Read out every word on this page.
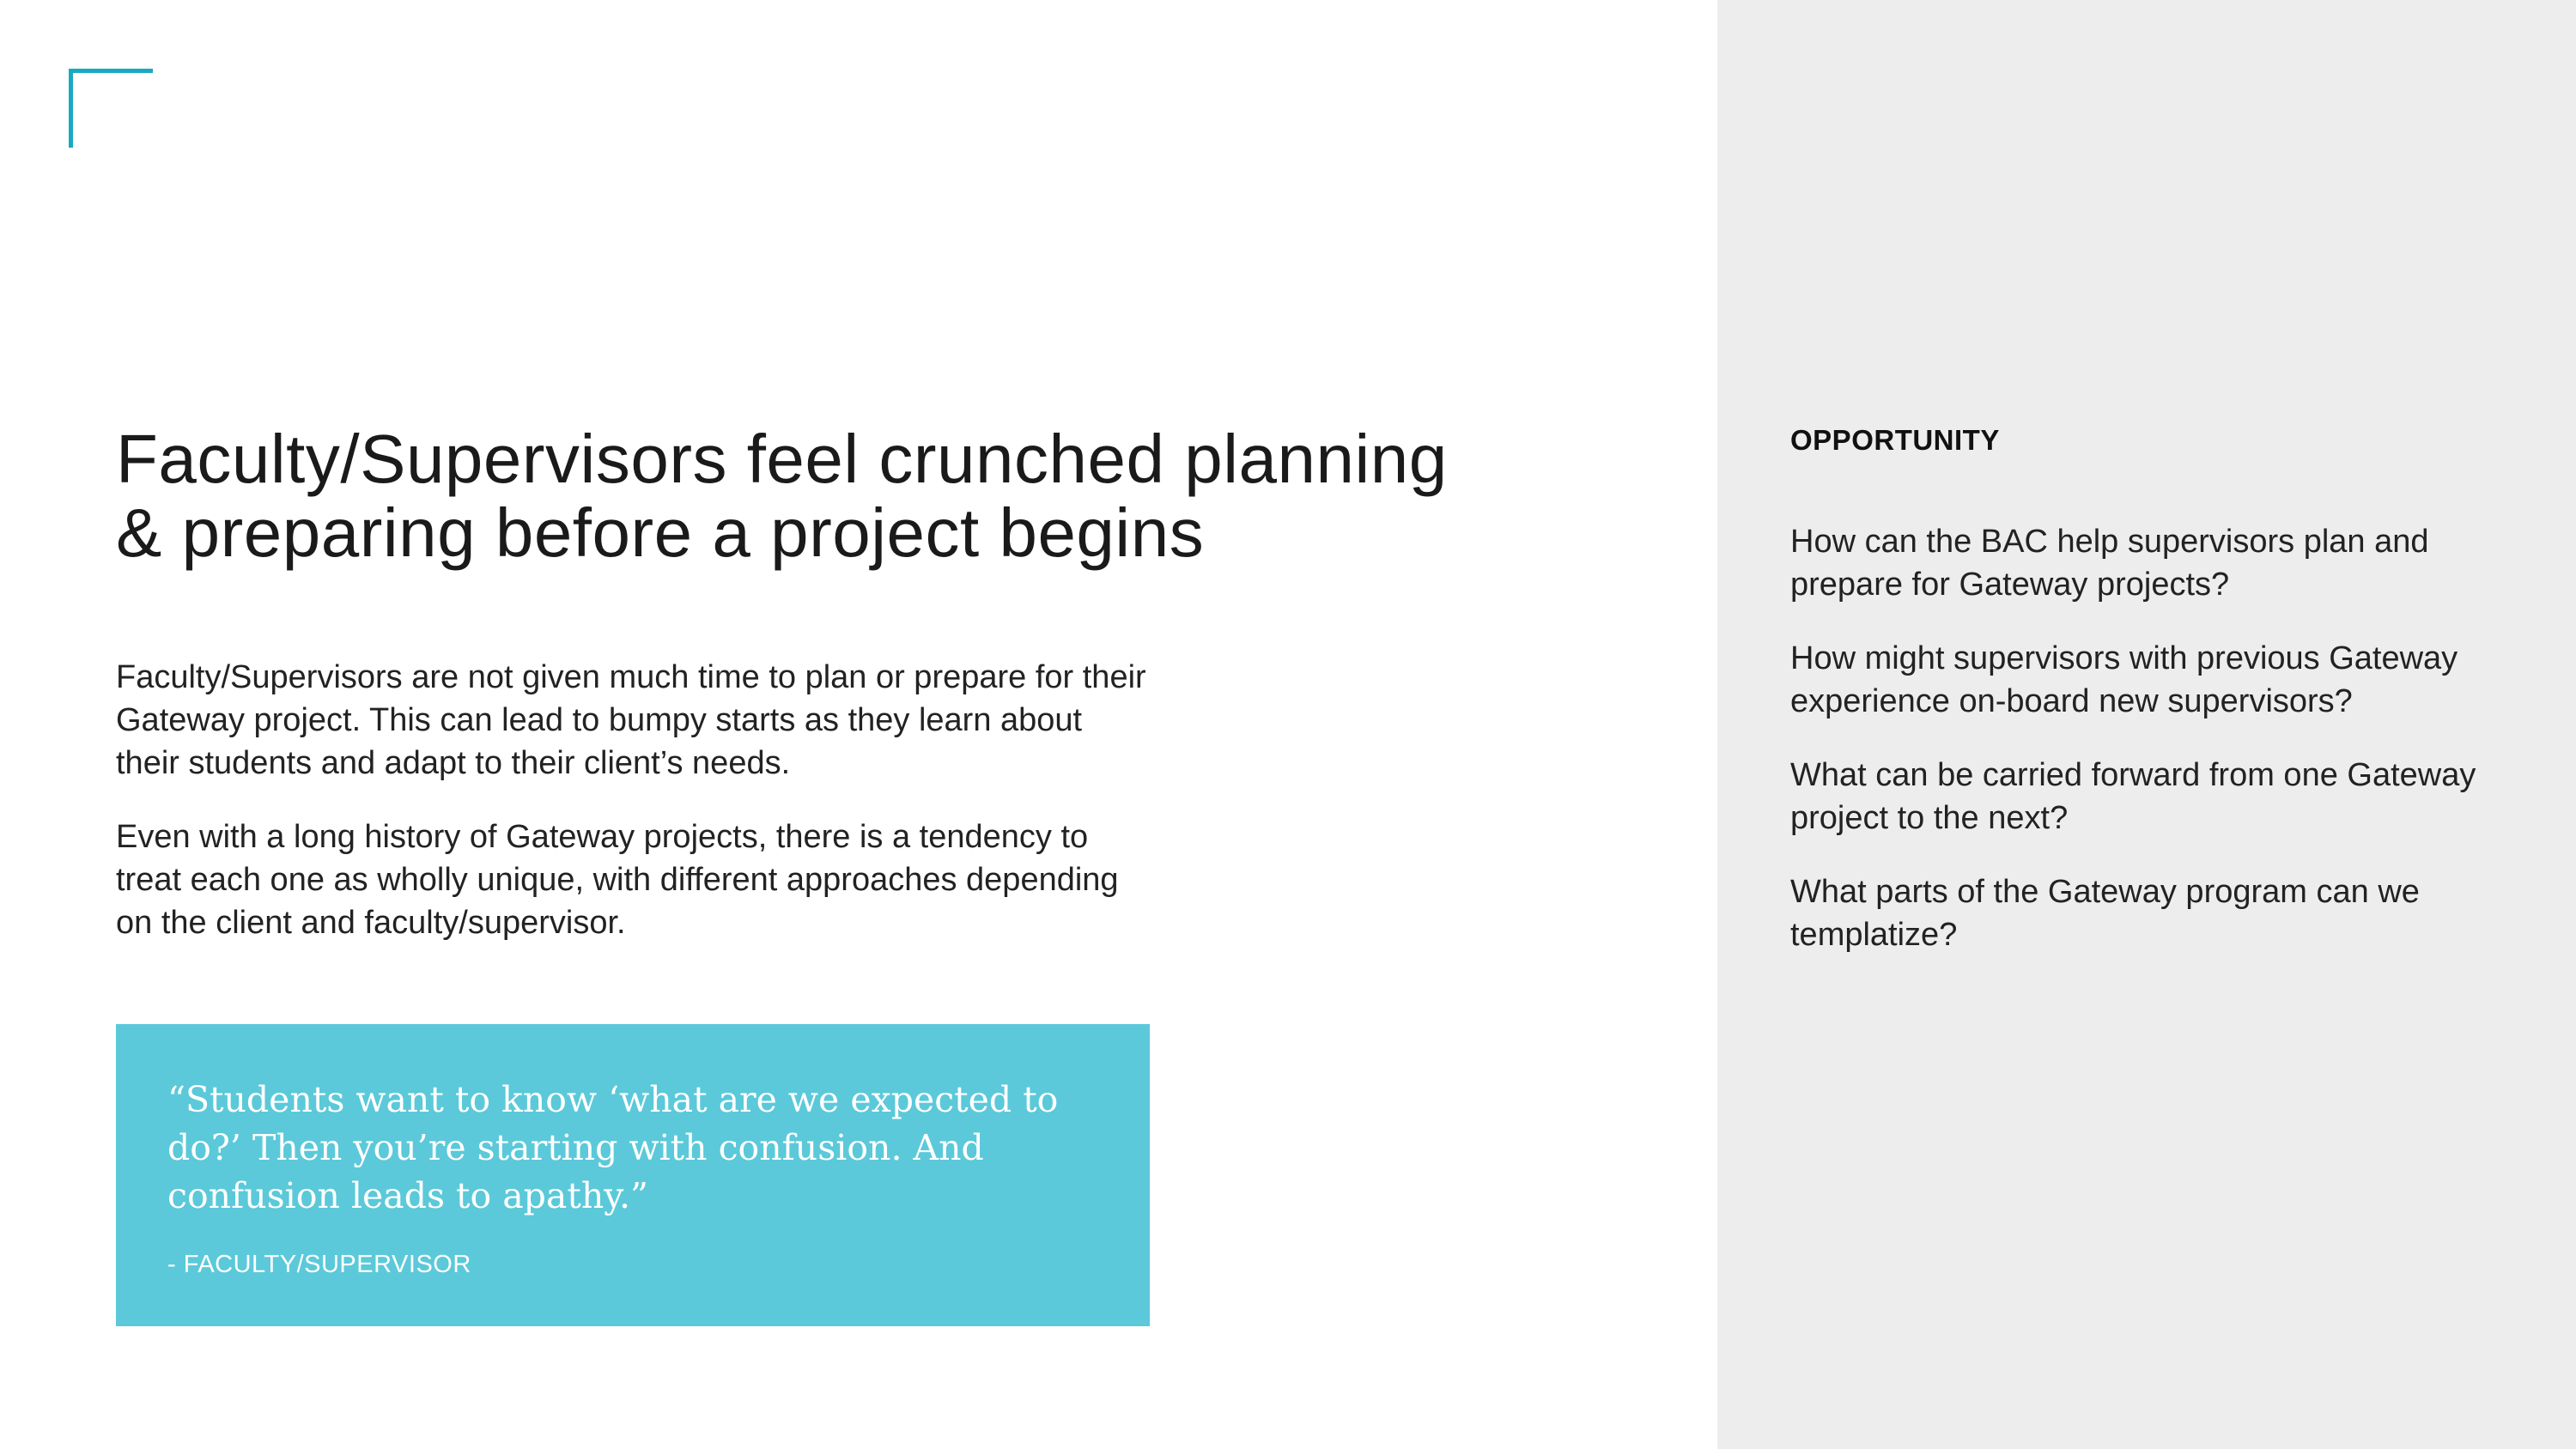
Faculty/Supervisors feel crunched planning
& preparing before a project begins

Faculty/Supervisors are not given much time to plan or prepare for their Gateway project. This can lead to bumpy starts as they learn about their students and adapt to their client’s needs.

Even with a long history of Gateway projects, there is a tendency to treat each one as wholly unique, with different approaches depending on the client and faculty/supervisor.

“Students want to know ‘what are we expected to do?’ Then you’re starting with confusion. And confusion leads to apathy.”

- FACULTY/SUPERVISOR
OPPORTUNITY
How can the BAC help supervisors plan and prepare for Gateway projects?
How might supervisors with previous Gateway experience on-board new supervisors?
What can be carried forward from one Gateway project to the next?
What parts of the Gateway program can we templatize?
